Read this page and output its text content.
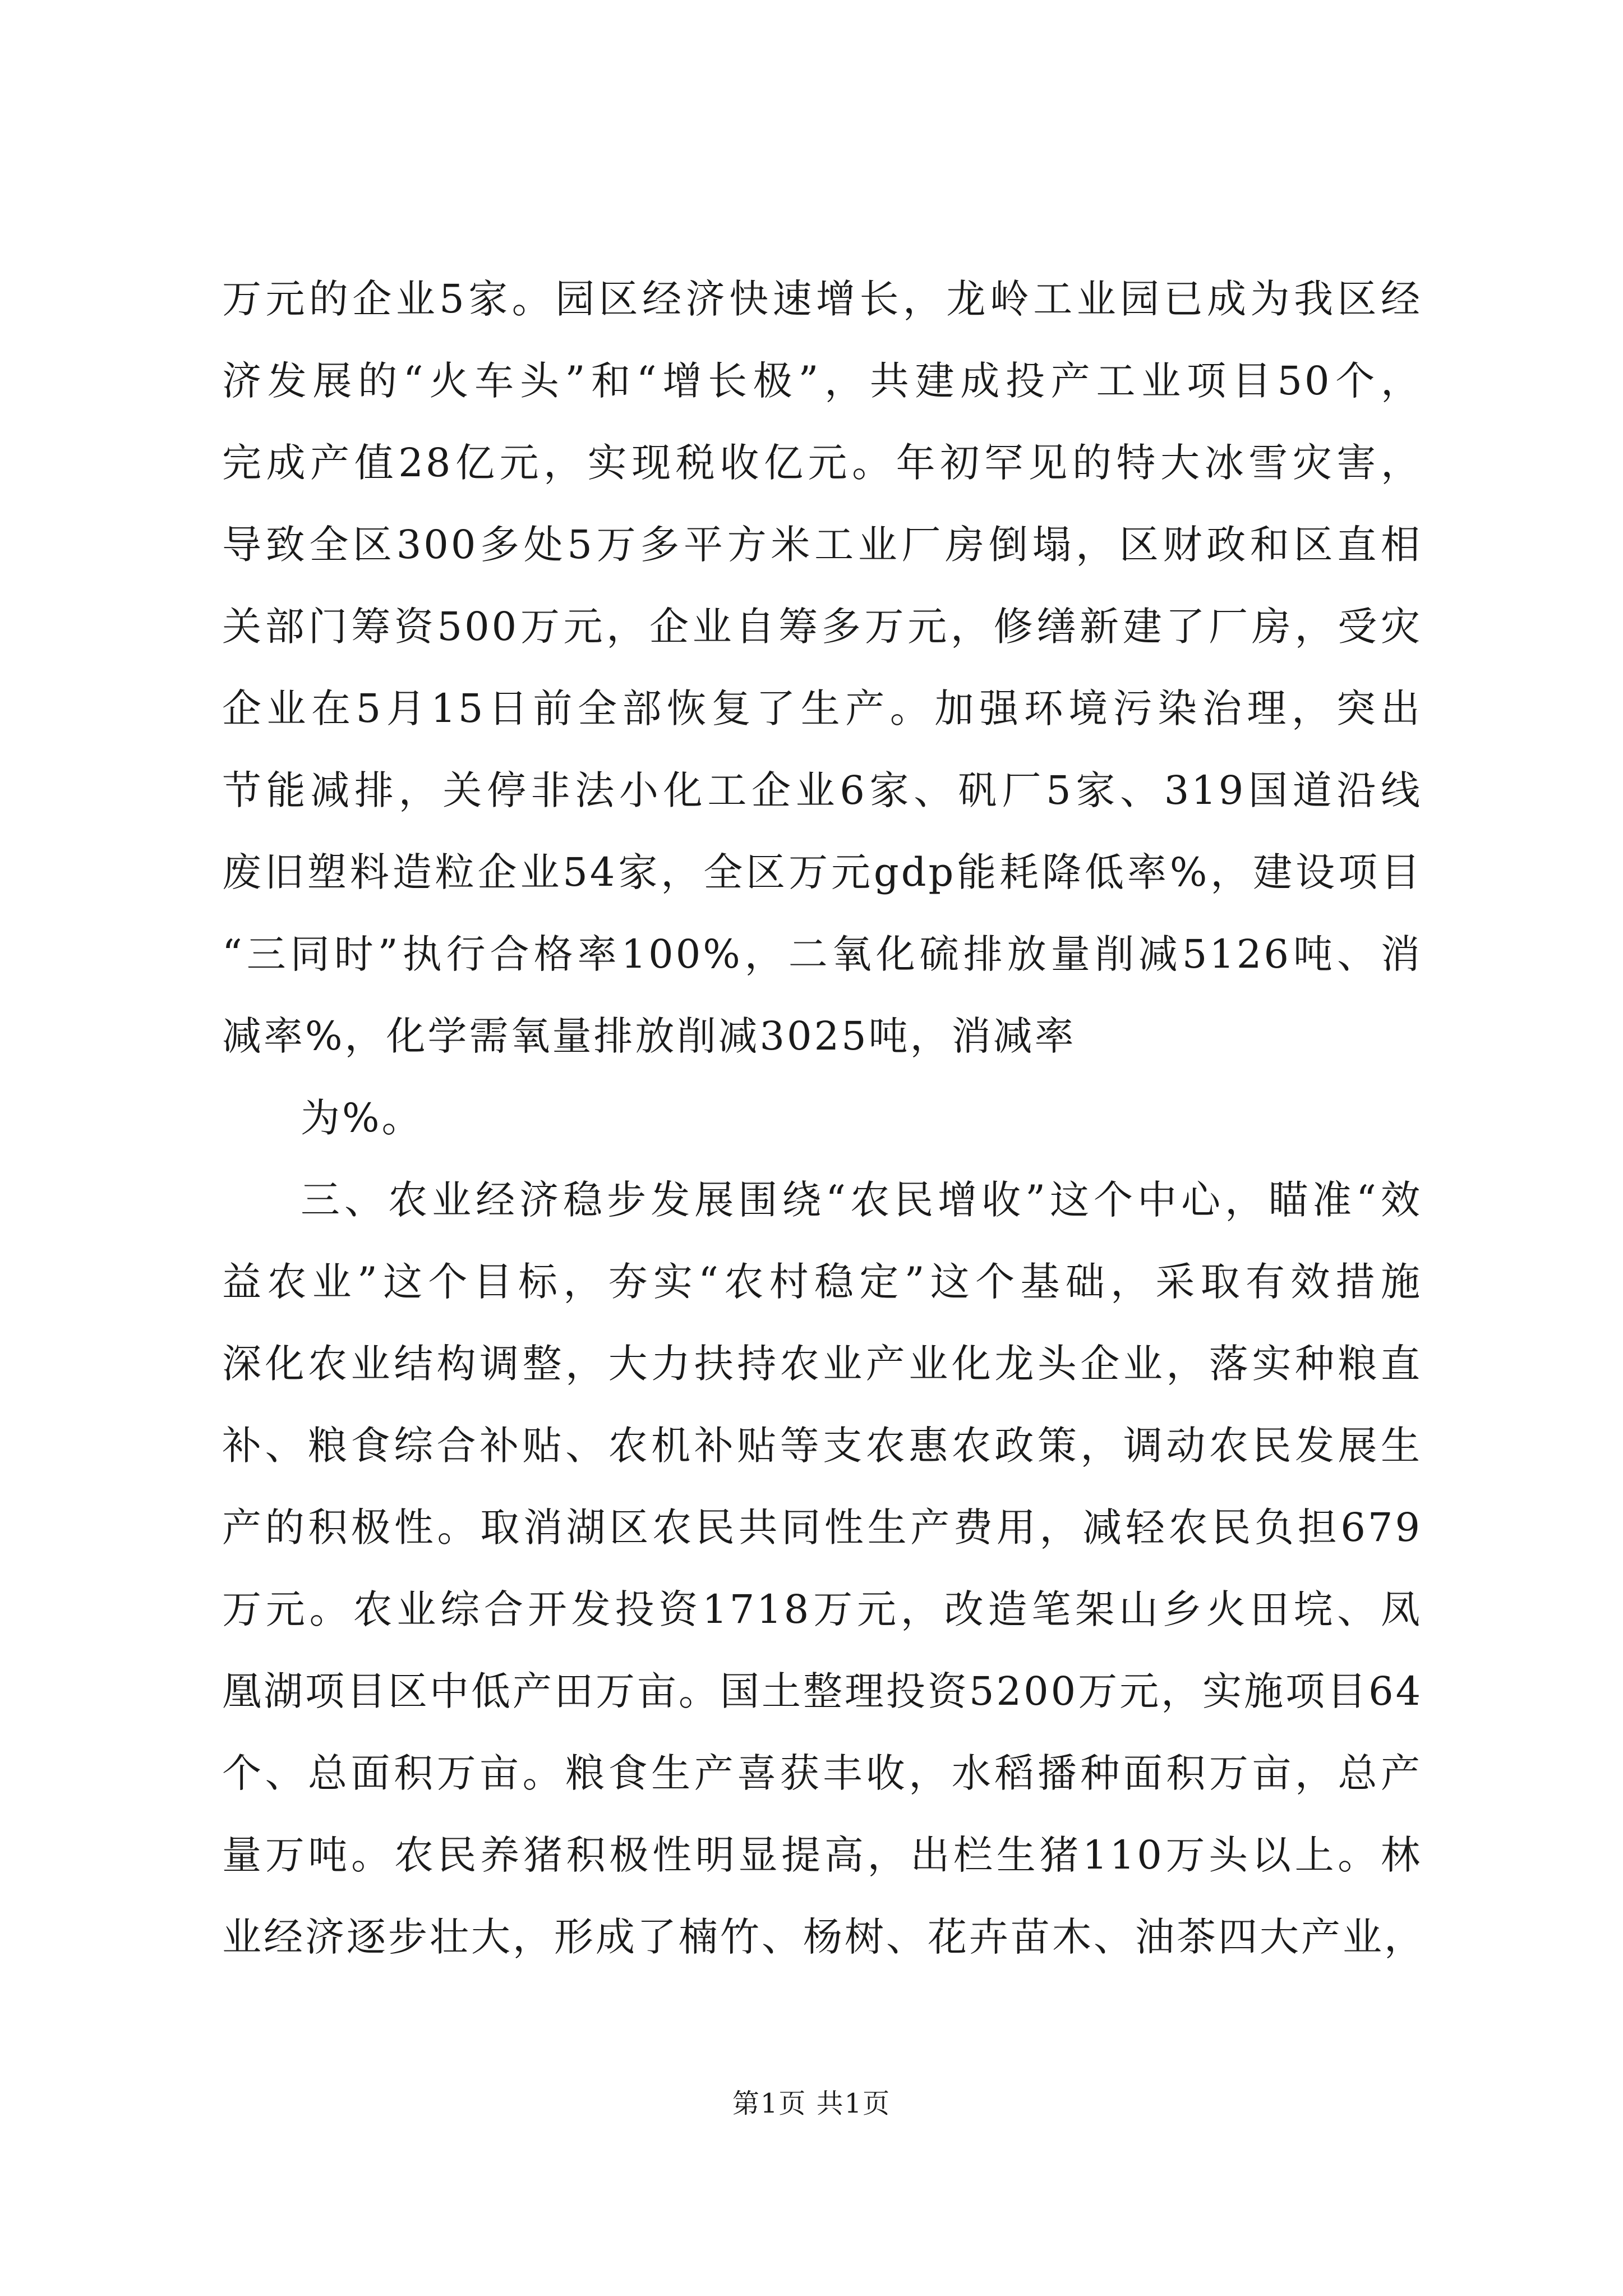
万元的企业5家。园区经济快速增长，龙岭工业园已成为我区经
济发展的“火车头”和“增长极”，共建成投产工业项目50个，
完成产值28亿元，实现税收亿元。年初罕见的特大冰雪灾害，
导致全区300多处5万多平方米工业厂房倒塌，区财政和区直相
关部门筹资500万元，企业自筹多万元，修缮新建了厂房，受灾
企业在5月15日前全部恢复了生产。加强环境污染治理，突出
节能减排，关停非法小化工企业6家、矾厂5家、319国道沿线
废旧塑料造粒企业54家，全区万元gdp能耗降低率%，建设项目
“三同时”执行合格率100%，二氧化硫排放量削减5126吨、消
减率%，化学需氧量排放削减3025吨，消减率
为%。
三、农业经济稳步发展围绕“农民增收”这个中心，瞄准“效
益农业”这个目标，夯实“农村稳定”这个基础，采取有效措施
深化农业结构调整，大力扶持农业产业化龙头企业，落实种粮直
补、粮食综合补贴、农机补贴等支农惠农政策，调动农民发展生
产的积极性。取消湖区农民共同性生产费用，减轻农民负担679
万元。农业综合开发投资1718万元，改造笔架山乡火田垸、凤
凰湖项目区中低产田万亩。国土整理投资5200万元，实施项目64
个、总面积万亩。粮食生产喜获丰收，水稻播种面积万亩，总产
量万吨。农民养猪积极性明显提高，出栏生猪110万头以上。林
业经济逐步壮大，形成了楠竹、杨树、花卉苗木、油茶四大产业，
第1页 共1页
